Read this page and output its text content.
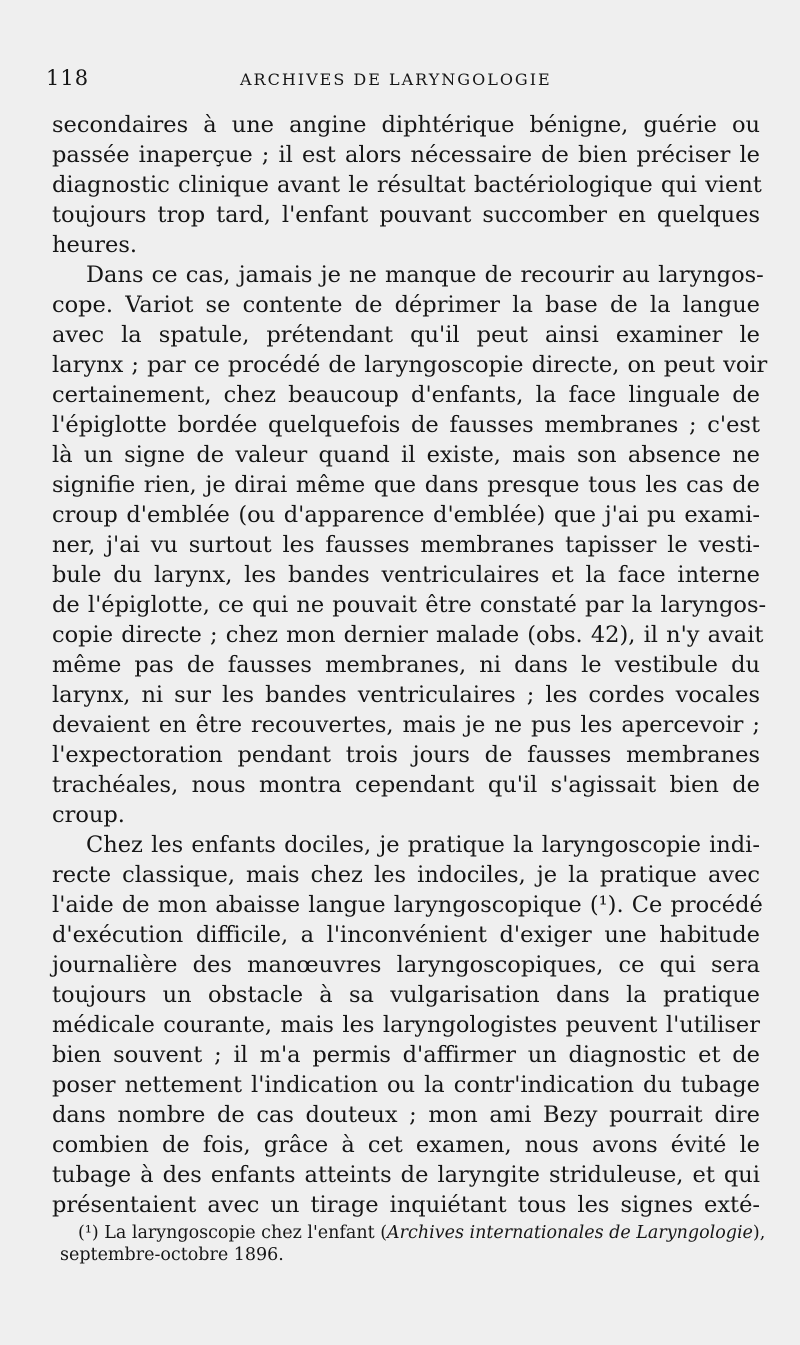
118	ARCHIVES DE LARYNGOLOGIE
secondaires à une angine diphtérique bénigne, guérie ou
passée inaperçue ; il est alors nécessaire de bien préciser le
diagnostic clinique avant le résultat bactériologique qui vient
toujours trop tard, l'enfant pouvant succomber en quelques
heures.
Dans ce cas, jamais je ne manque de recourir au laryngos-
cope. Variot se contente de déprimer la base de la langue
avec la spatule, prétendant qu'il peut ainsi examiner le
larynx ; par ce procédé de laryngoscopie directe, on peut voir
certainement, chez beaucoup d'enfants, la face linguale de
l'épiglotte bordée quelquefois de fausses membranes ; c'est
là un signe de valeur quand il existe, mais son absence ne
signifie rien, je dirai même que dans presque tous les cas de
croup d'emblée (ou d'apparence d'emblée) que j'ai pu exami-
ner, j'ai vu surtout les fausses membranes tapisser le vesti-
bule du larynx, les bandes ventriculaires et la face interne
de l'épiglotte, ce qui ne pouvait être constaté par la laryngos-
copie directe ; chez mon dernier malade (obs. 42), il n'y avait
même pas de fausses membranes, ni dans le vestibule du
larynx, ni sur les bandes ventriculaires ; les cordes vocales
devaient en être recouvertes, mais je ne pus les apercevoir ;
l'expectoration pendant trois jours de fausses membranes
trachéales, nous montra cependant qu'il s'agissait bien de
croup.
Chez les enfants dociles, je pratique la laryngoscopie indi-
recte classique, mais chez les indociles, je la pratique avec
l'aide de mon abaisse langue laryngoscopique (¹). Ce procédé
d'exécution difficile, a l'inconvénient d'exiger une habitude
journalière des manœuvres laryngoscopiques, ce qui sera
toujours un obstacle à sa vulgarisation dans la pratique
médicale courante, mais les laryngologistes peuvent l'utiliser
bien souvent ; il m'a permis d'affirmer un diagnostic et de
poser nettement l'indication ou la contr'indication du tubage
dans nombre de cas douteux ; mon ami Bezy pourrait dire
combien de fois, grâce à cet examen, nous avons évité le
tubage à des enfants atteints de laryngite striduleuse, et qui
présentaient avec un tirage inquiétant tous les signes exté-
(¹) La laryngoscopie chez l'enfant (Archives internationales de Laryngologie),
septembre-octobre 1896.
